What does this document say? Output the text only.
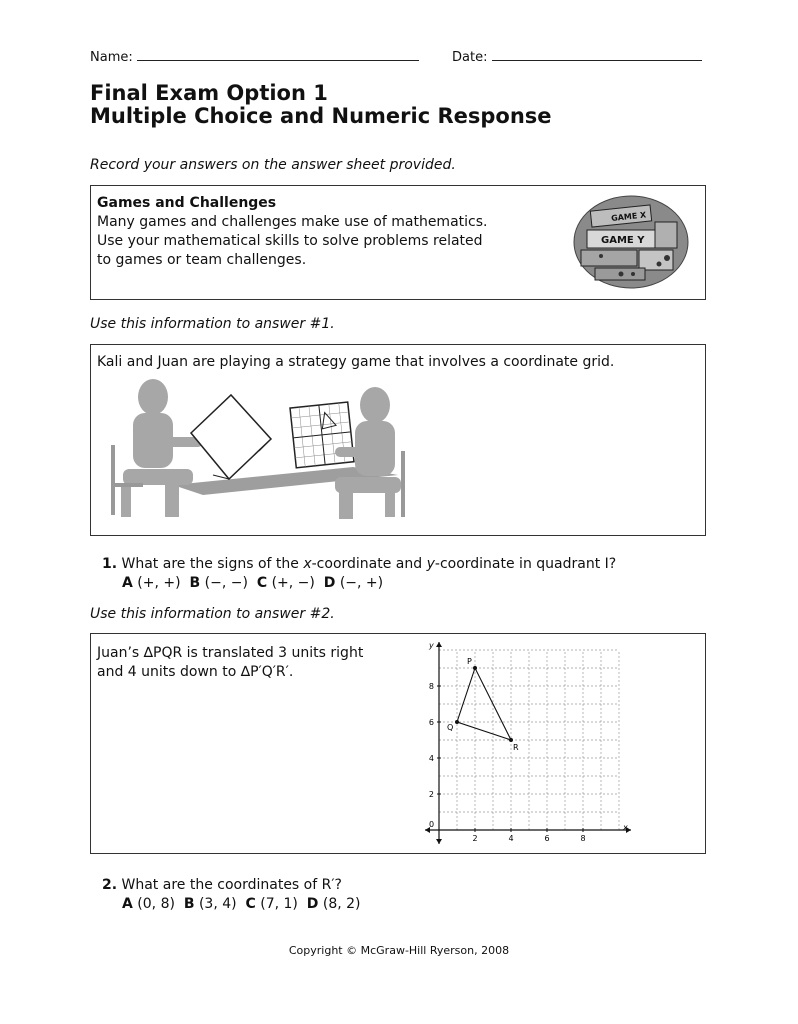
Name:	Date:
Final Exam Option 1
Multiple Choice and Numeric Response
Record your answers on the answer sheet provided.
Games and Challenges
Many games and challenges make use of mathematics.
Use your mathematical skills to solve problems related
to games or team challenges.
GAME X
GAME Y
Use this information to answer #1.
Kali and Juan are playing a strategy game that involves a coordinate grid.
1. What are the signs of the x-coordinate and y-coordinate in quadrant I?
A (+, +) B (−, −) C (+, −) D (−, +)
Use this information to answer #2.
Juan’s ∆PQR is translated 3 units right
and 4 units down to ∆P′Q′R′.
x
y
0
2	4	6	8
2
4
6
8
P
Q
R
2. What are the coordinates of R′?
A (0, 8) B (3, 4) C (7, 1) D (8, 2)
Copyright © McGraw-Hill Ryerson, 2008
